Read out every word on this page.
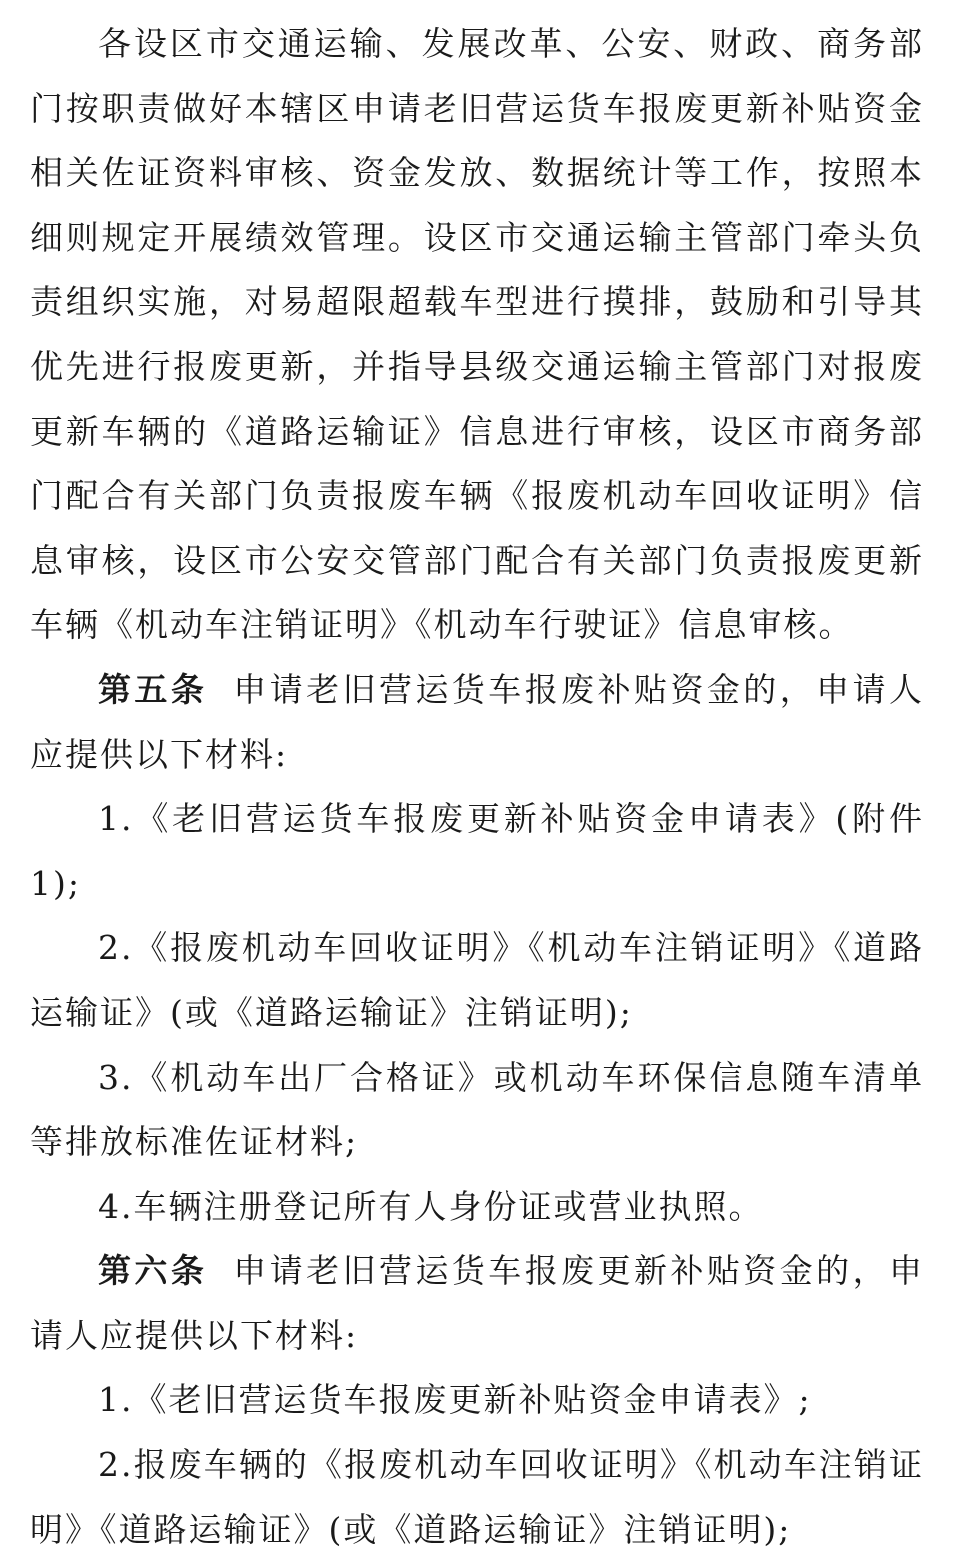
各设区市交通运输、发展改革、公安、财政、商务部门按职责做好本辖区申请老旧营运货车报废更新补贴资金相关佐证资料审核、资金发放、数据统计等工作，按照本细则规定开展绩效管理。设区市交通运输主管部门牵头负责组织实施，对易超限超载车型进行摸排，鼓励和引导其优先进行报废更新，并指导县级交通运输主管部门对报废更新车辆的《道路运输证》信息进行审核，设区市商务部门配合有关部门负责报废车辆《报废机动车回收证明》信息审核，设区市公安交管部门配合有关部门负责报废更新车辆《机动车注销证明》《机动车行驶证》信息审核。

第五条 申请老旧营运货车报废补贴资金的，申请人应提供以下材料:

1.《老旧营运货车报废更新补贴资金申请表》(附件 1);

2.《报废机动车回收证明》《机动车注销证明》《道路运输证》(或《道路运输证》注销证明);

3.《机动车出厂合格证》或机动车环保信息随车清单等排放标准佐证材料;

4.车辆注册登记所有人身份证或营业执照。

第六条 申请老旧营运货车报废更新补贴资金的，申请人应提供以下材料:

1.《老旧营运货车报废更新补贴资金申请表》;

2.报废车辆的《报废机动车回收证明》《机动车注销证明》《道路运输证》(或《道路运输证》注销证明);
